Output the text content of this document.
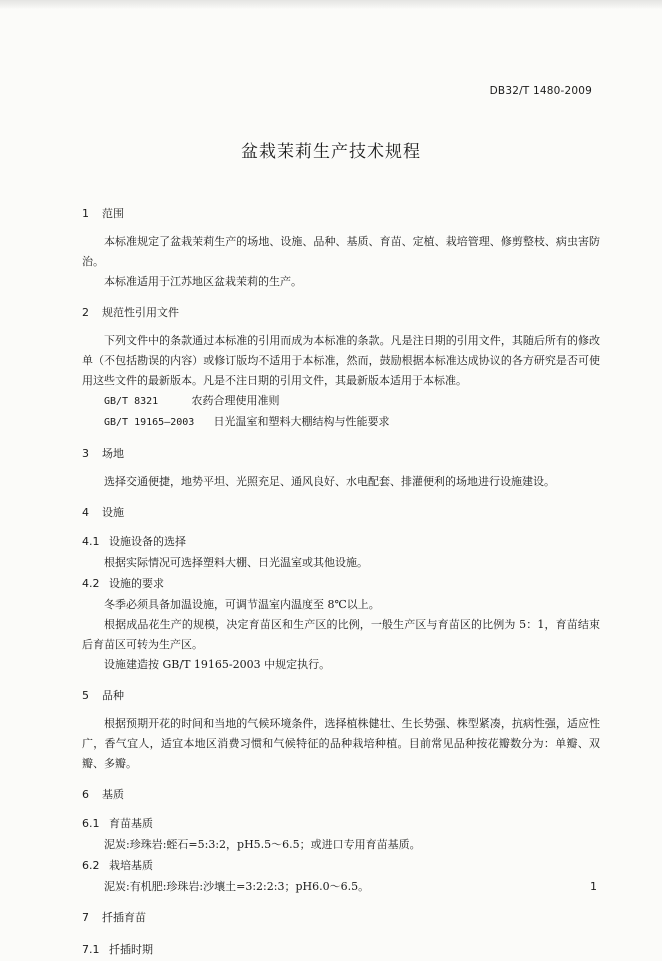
DB32/T 1480-2009
盆栽茉莉生产技术规程
1	范围

本标准规定了盆栽茉莉生产的场地、设施、品种、基质、育苗、定植、栽培管理、修剪整枝、病虫害防治。

本标准适用于江苏地区盆栽茉莉的生产。

2	规范性引用文件

下列文件中的条款通过本标准的引用而成为本标准的条款。凡是注日期的引用文件，其随后所有的修改单（不包括勘误的内容）或修订版均不适用于本标准，然而，鼓励根据本标准达成协议的各方研究是否可使用这些文件的最新版本。凡是不注日期的引用文件，其最新版本适用于本标准。

GB/T 8321	农药合理使用准则

GB/T 19165—2003 日光温室和塑料大棚结构与性能要求

3	场地

选择交通便捷，地势平坦、光照充足、通风良好、水电配套、排灌便利的场地进行设施建设。

4	设施
4.1 设施设备的选择

根据实际情况可选择塑料大棚、日光温室或其他设施。

4.2 设施的要求

冬季必须具备加温设施，可调节温室内温度至 8℃以上。

根据成品花生产的规模，决定育苗区和生产区的比例，一般生产区与育苗区的比例为 5：1，育苗结束后育苗区可转为生产区。

设施建造按 GB/T 19165-2003 中规定执行。

5	品种

根据预期开花的时间和当地的气候环境条件，选择植株健壮、生长势强、株型紧凑，抗病性强，适应性广，香气宜人，适宜本地区消费习惯和气候特征的品种栽培种植。目前常见品种按花瓣数分为：单瓣、双瓣、多瓣。

6	基质
6.1 育苗基质

泥炭:珍珠岩:蛭石=5:3:2，pH5.5～6.5；或进口专用育苗基质。

6.2 栽培基质

泥炭:有机肥:珍珠岩:沙壤土=3:2:2:3；pH6.0～6.5。

7	扦插育苗
7.1 扦插时期
1
